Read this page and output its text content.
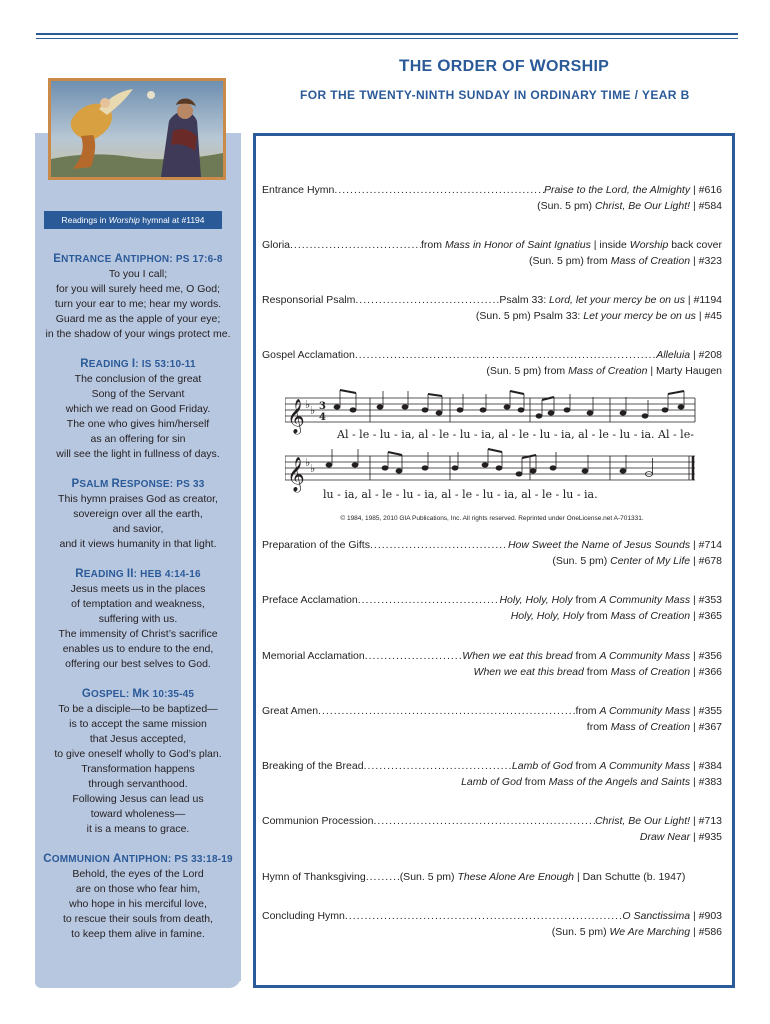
THE ORDER OF WORSHIP
FOR THE TWENTY-NINTH SUNDAY IN ORDINARY TIME / YEAR B
Readings in Worship hymnal at #1194
ENTRANCE ANTIPHON: PS 17:6-8
To you I call;
for you will surely heed me, O God;
turn your ear to me; hear my words.
Guard me as the apple of your eye;
in the shadow of your wings protect me.
READING I: IS 53:10-11
The conclusion of the great
Song of the Servant
which we read on Good Friday.
The one who gives him/herself
as an offering for sin
will see the light in fullness of days.
PSALM RESPONSE: PS 33
This hymn praises God as creator,
sovereign over all the earth,
and savior,
and it views humanity in that light.
READING II: HEB 4:14-16
Jesus meets us in the places
of temptation and weakness,
suffering with us.
The immensity of Christ’s sacrifice
enables us to endure to the end,
offering our best selves to God.
GOSPEL: MK 10:35-45
To be a disciple—to be baptized—
is to accept the same mission
that Jesus accepted,
to give oneself wholly to God’s plan.
Transformation happens
through servanthood.
Following Jesus can lead us
toward wholeness—
it is a means to grace.
COMMUNION ANTIPHON: PS 33:18-19
Behold, the eyes of the Lord
are on those who fear him,
who hope in his merciful love,
to rescue their souls from death,
to keep them alive in famine.
Entrance Hymn .....	Praise to the Lord, the Almighty | #616
(Sun. 5 pm) Christ, Be Our Light! | #584
Gloria .....	from Mass in Honor of Saint Ignatius | inside Worship back cover
(Sun. 5 pm) from Mass of Creation | #323
Responsorial Psalm .....	Psalm 33: Lord, let your mercy be on us | #1194
(Sun. 5 pm) Psalm 33: Let your mercy be on us | #45
Gospel Acclamation .....	Alleluia | #208
(Sun. 5 pm) from Mass of Creation | Marty Haugen
𝄞 ♭ ♭ 3
4
Al - le - lu - ia, al - le - lu - ia, al - le - lu - ia, al - le - lu - ia. Al - le-
𝄞 ♭ ♭
lu - ia, al - le - lu - ia, al - le - lu - ia, al - le - lu - ia.
© 1984, 1985, 2010 GIA Publications, Inc. All rights reserved. Reprinted under OneLicense.net A-701331.
Preparation of the Gifts .....	How Sweet the Name of Jesus Sounds | #714
(Sun. 5 pm) Center of My Life | #678
Preface Acclamation .....	Holy, Holy, Holy from A Community Mass | #353
Holy, Holy, Holy from Mass of Creation | #365
Memorial Acclamation .....	When we eat this bread from A Community Mass | #356
When we eat this bread from Mass of Creation | #366
Great Amen .....	from A Community Mass | #355
from Mass of Creation | #367
Breaking of the Bread .....	Lamb of God from A Community Mass | #384
Lamb of God from Mass of the Angels and Saints | #383
Communion Procession .....	Christ, Be Our Light! | #713
Draw Near | #935
Hymn of Thanksgiving .....	(Sun. 5 pm) These Alone Are Enough | Dan Schutte (b. 1947)
Concluding Hymn .....	O Sanctissima | #903
(Sun. 5 pm) We Are Marching | #586
